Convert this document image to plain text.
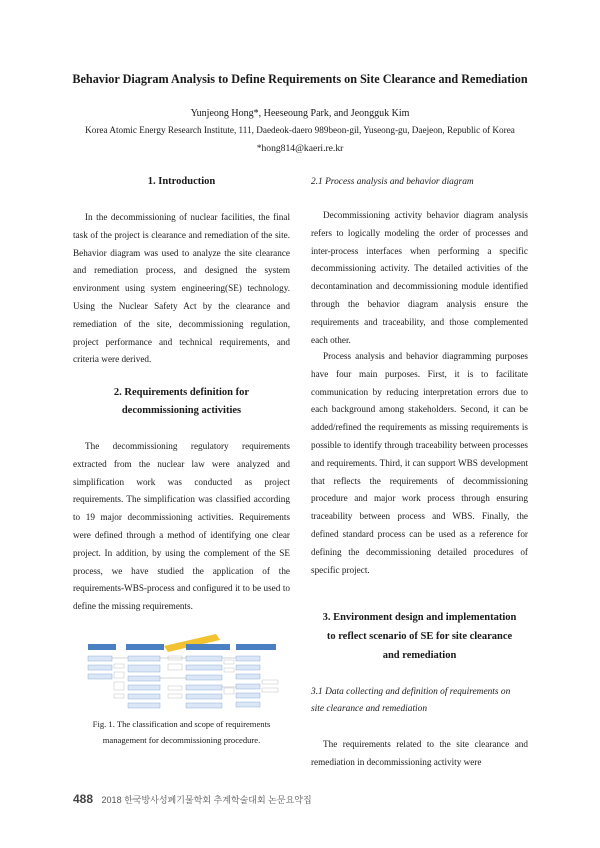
Behavior Diagram Analysis to Define Requirements on Site Clearance and Remediation
Yunjeong Hong*, Heeseoung Park, and Jeongguk Kim
Korea Atomic Energy Research Institute, 111, Daedeok-daero 989beon-gil, Yuseong-gu, Daejeon, Republic of Korea
*hong814@kaeri.re.kr
1. Introduction

In the decommissioning of nuclear facilities, the final task of the project is clearance and remediation of the site. Behavior diagram was used to analyze the site clearance and remediation process, and designed the system environment using system engineering(SE) technology. Using the Nuclear Safety Act by the clearance and remediation of the site, decommissioning regulation, project performance and technical requirements, and criteria were derived.

2. Requirements definition for
decommissioning activities

The decommissioning regulatory requirements extracted from the nuclear law were analyzed and simplification work was conducted as project requirements. The simplification was classified according to 19 major decommissioning activities. Requirements were defined through a method of identifying one clear project. In addition, by using the complement of the SE process, we have studied the application of the requirements-WBS-process and configured it to be used to define the missing requirements.

Fig. 1. The classification and scope of requirements
management for decommissioning procedure.
2.1 Process analysis and behavior diagram

Decommissioning activity behavior diagram analysis refers to logically modeling the order of processes and inter-process interfaces when performing a specific decommissioning activity. The detailed activities of the decontamination and decommissioning module identified through the behavior diagram analysis ensure the requirements and traceability, and those complemented each other.

Process analysis and behavior diagramming purposes have four main purposes. First, it is to facilitate communication by reducing interpretation errors due to each background among stakeholders. Second, it can be added/refined the requirements as missing requirements is possible to identify through traceability between processes and requirements. Third, it can support WBS development that reflects the requirements of decommissioning procedure and major work process through ensuring traceability between process and WBS. Finally, the defined standard process can be used as a reference for defining the decommissioning detailed procedures of specific project.

3. Environment design and implementation
to reflect scenario of SE for site clearance
and remediation
3.1 Data collecting and definition of requirements on
site clearance and remediation

The requirements related to the site clearance and remediation in decommissioning activity were

488 2018 한국방사성폐기물학회 추계학술대회 논문요약집
